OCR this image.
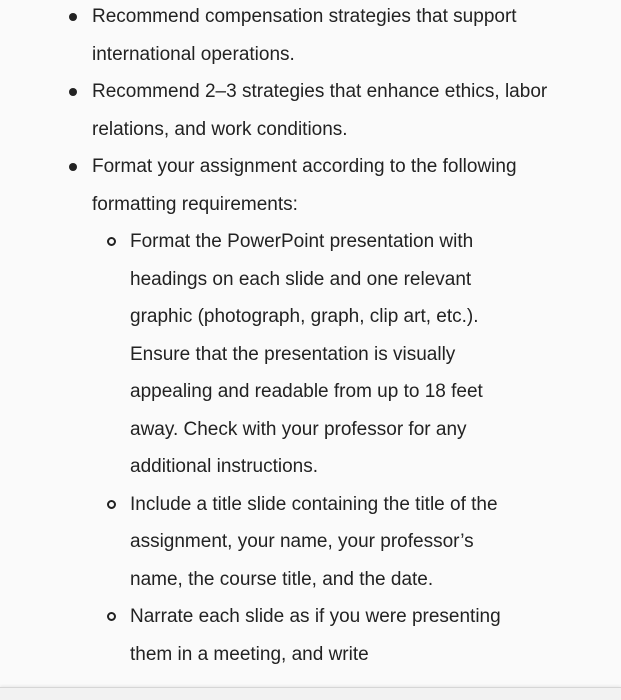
Recommend compensation strategies that support international operations.
Recommend 2–3 strategies that enhance ethics, labor relations, and work conditions.
Format your assignment according to the following formatting requirements:
Format the PowerPoint presentation with headings on each slide and one relevant graphic (photograph, graph, clip art, etc.). Ensure that the presentation is visually appealing and readable from up to 18 feet away. Check with your professor for any additional instructions.
Include a title slide containing the title of the assignment, your name, your professor’s name, the course title, and the date.
Narrate each slide as if you were presenting them in a meeting, and write
